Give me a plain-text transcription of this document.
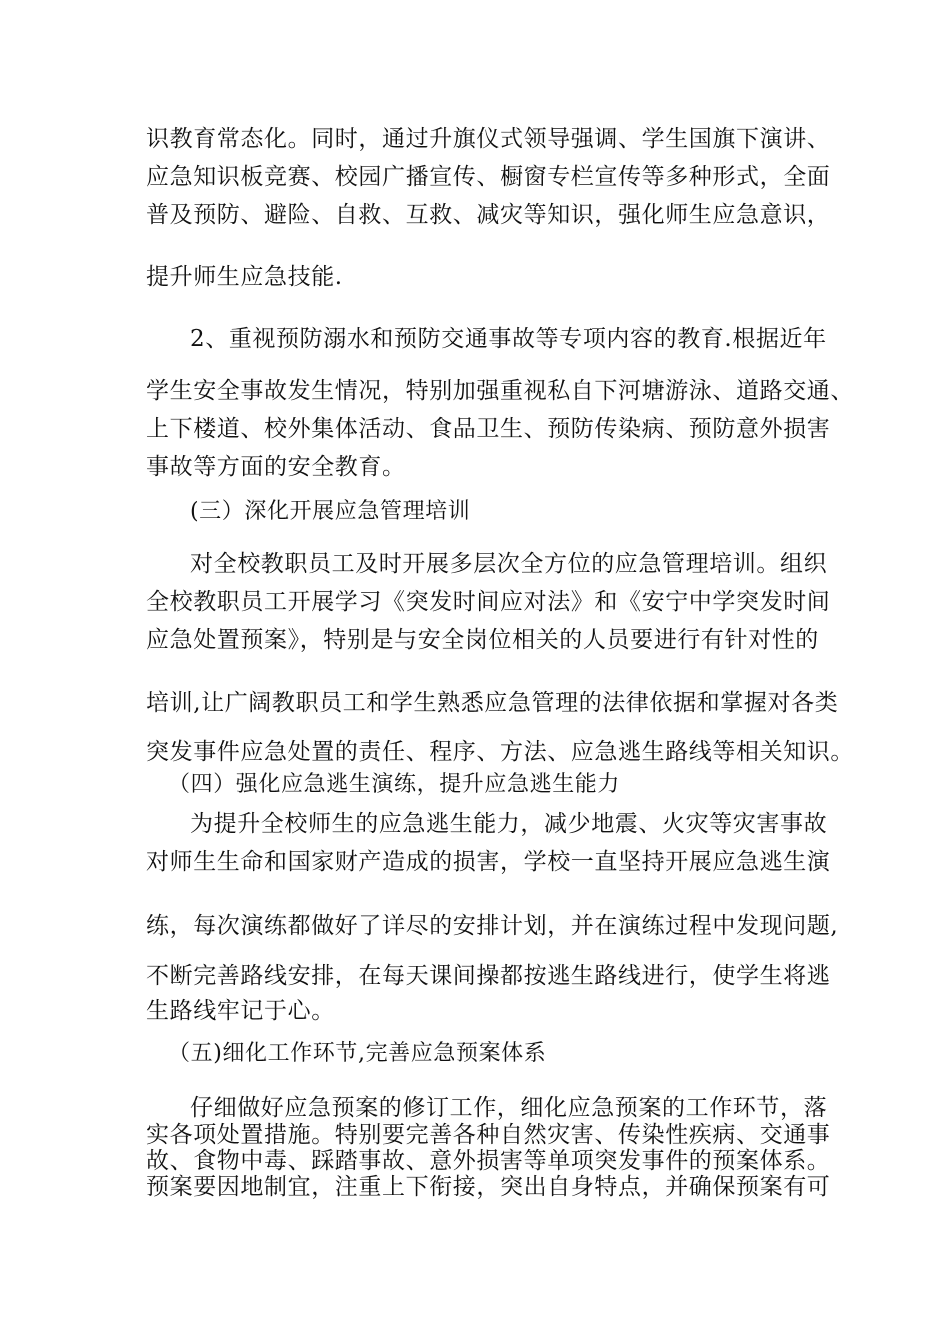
识教育常态化。同时，通过升旗仪式领导强调、学生国旗下演讲、
应急知识板竞赛、校园广播宣传、橱窗专栏宣传等多种形式，全面
普及预防、避险、自救、互救、减灾等知识，强化师生应急意识，
提升师生应急技能.
2、重视预防溺水和预防交通事故等专项内容的教育.根据近年
学生安全事故发生情况，特别加强重视私自下河塘游泳、道路交通、
上下楼道、校外集体活动、食品卫生、预防传染病、预防意外损害
事故等方面的安全教育。
(三）深化开展应急管理培训
对全校教职员工及时开展多层次全方位的应急管理培训。组织
全校教职员工开展学习《突发时间应对法》和《安宁中学突发时间
应急处置预案》，特别是与安全岗位相关的人员要进行有针对性的
培训,让广阔教职员工和学生熟悉应急管理的法律依据和掌握对各类
突发事件应急处置的责任、程序、方法、应急逃生路线等相关知识。
（四）强化应急逃生演练，提升应急逃生能力
为提升全校师生的应急逃生能力，减少地震、火灾等灾害事故
对师生生命和国家财产造成的损害，学校一直坚持开展应急逃生演
练，每次演练都做好了详尽的安排计划，并在演练过程中发现问题,
不断完善路线安排，在每天课间操都按逃生路线进行，使学生将逃
生路线牢记于心。
（五)细化工作环节,完善应急预案体系
仔细做好应急预案的修订工作，细化应急预案的工作环节，落
实各项处置措施。特别要完善各种自然灾害、传染性疾病、交通事
故、食物中毒、踩踏事故、意外损害等单项突发事件的预案体系。
预案要因地制宜，注重上下衔接，突出自身特点，并确保预案有可
